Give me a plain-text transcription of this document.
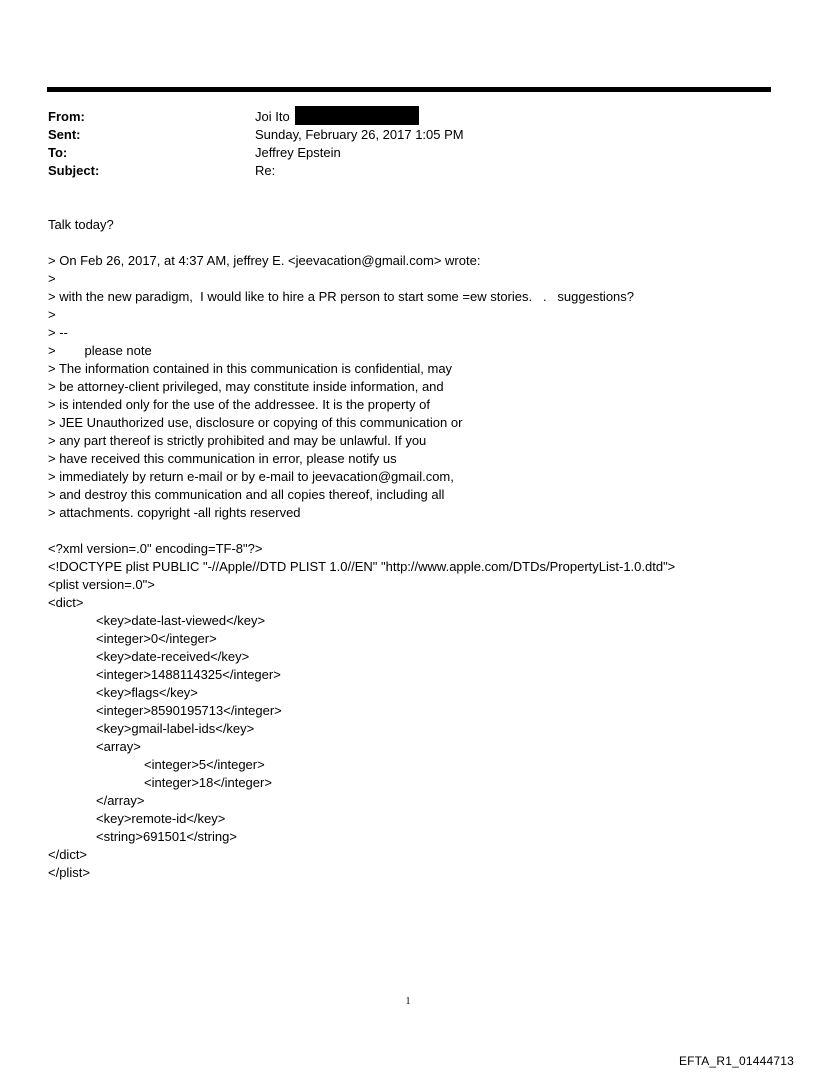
From:	Joi Ito
Sent:	Sunday, February 26, 2017 1:05 PM
To:	Jeffrey Epstein
Subject:	Re:
Talk today?
> On Feb 26, 2017, at 4:37 AM, jeffrey E. <jeevacation@gmail.com> wrote:
>
> with the new paradigm,  I would like to hire a PR person to start some =ew stories.   .   suggestions?
>
> --
>        please note
> The information contained in this communication is confidential, may
> be attorney-client privileged, may constitute inside information, and
> is intended only for the use of the addressee. It is the property of
> JEE Unauthorized use, disclosure or copying of this communication or
> any part thereof is strictly prohibited and may be unlawful. If you
> have received this communication in error, please notify us
> immediately by return e-mail or by e-mail to jeevacation@gmail.com,
> and destroy this communication and all copies thereof, including all
> attachments. copyright -all rights reserved
<?xml version=.0" encoding=TF-8"?>
<!DOCTYPE plist PUBLIC "-//Apple//DTD PLIST 1.0//EN" "http://www.apple.com/DTDs/PropertyList-1.0.dtd">
<plist version=.0">
<dict>
<key>date-last-viewed</key>
<integer>0</integer>
<key>date-received</key>
<integer>1488114325</integer>
<key>flags</key>
<integer>8590195713</integer>
<key>gmail-label-ids</key>
<array>
<integer>5</integer>
<integer>18</integer>
</array>
<key>remote-id</key>
<string>691501</string>
</dict>
</plist>
1
EFTA_R1_01444713
